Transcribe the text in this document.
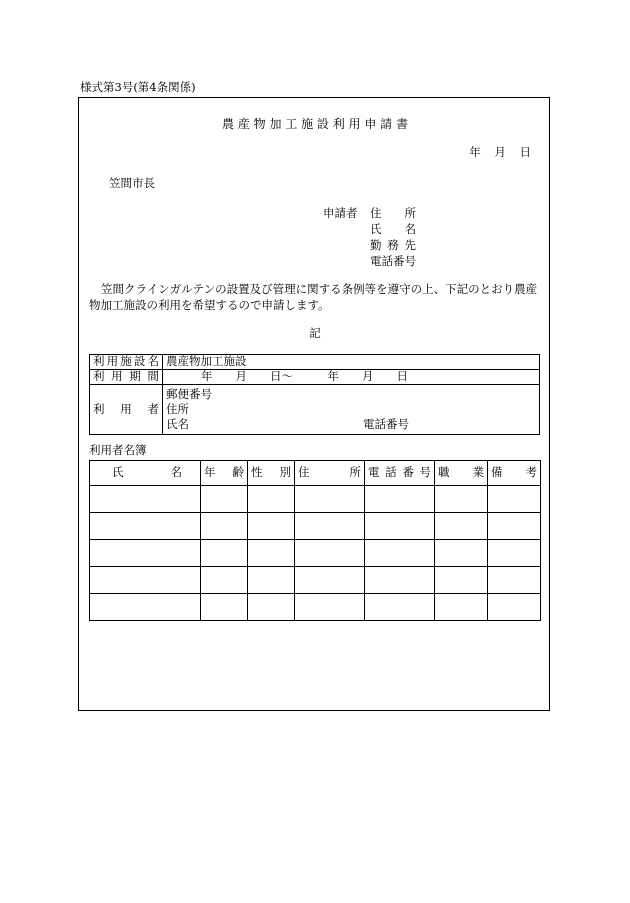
様式第3号(第4条関係)
農 産 物 加 工 施 設 利 用 申 請 書
年 月 日
笠間市長
申請者 住所
氏名
勤務先
電話番号
笠間クラインガルテンの設置及び管理に関する条例等を遵守の上、下記のとおり農産物加工施設の利用を希望するので申請します。
記
利用施設名	農産物加工施設
利用期間	年　　月　　日～　　　年　　月　　日
利用者	郵便番号
住所
氏名 電話番号
利用者名簿
氏名	年齢	性別	住所	電話番号	職業	備考
